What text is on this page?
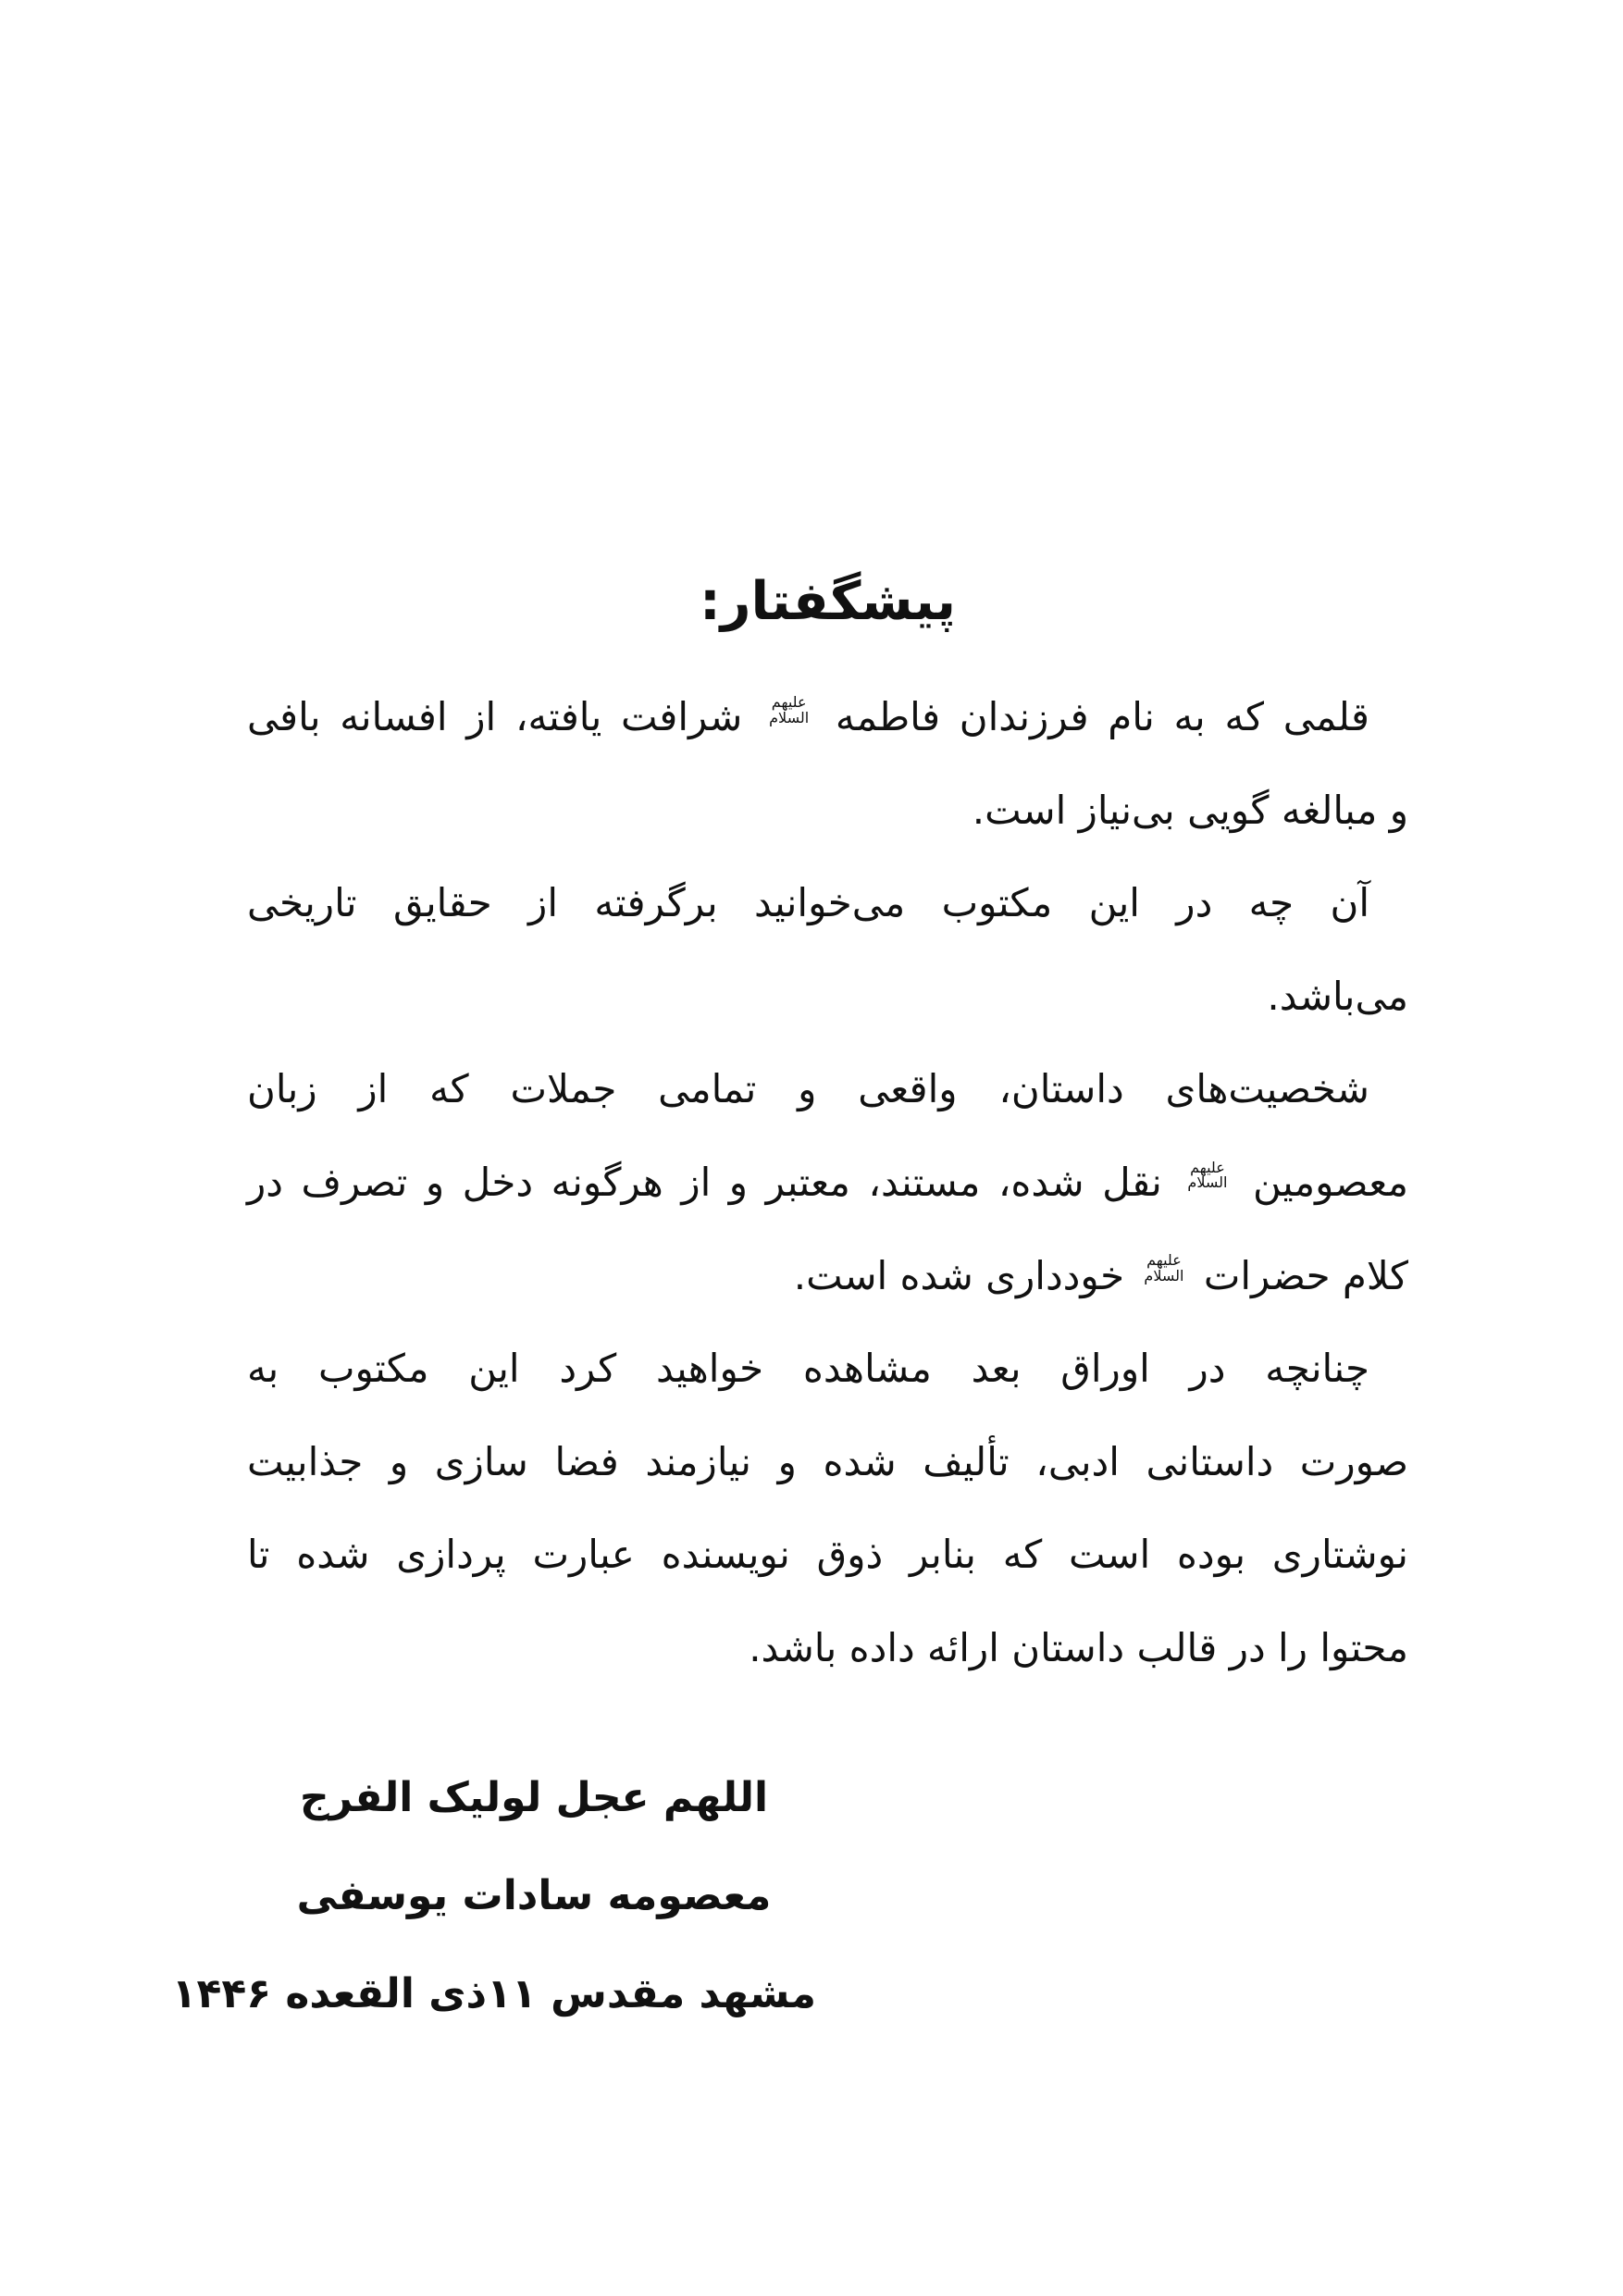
پیشگفتار:
قلمی که به نام فرزندان فاطمه
علیهم
السلام
شرافت یافته، از افسانه بافی
و مبالغه گویی بی‌نیاز است.
آن چه در این مکتوب می‌خوانید برگرفته از حقایق تاریخی
می‌باشد.
شخصیت‌های داستان، واقعی و تمامی جملات که از زبان
معصومین
علیهم
السلام
نقل شده، مستند، معتبر و از هرگونه دخل و تصرف در
کلام حضرات
علیهم
السلام
خودداری شده است.
چنانچه در اوراق بعد مشاهده خواهید کرد این مکتوب به
صورت داستانی ادبی، تألیف شده و نیازمند فضا سازی و جذابیت
نوشتاری بوده است که بنابر ذوق نویسنده عبارت پردازی شده تا
محتوا را در قالب داستان ارائه داده باشد.
اللهم عجل لولیک الفرج
معصومه سادات یوسفی
مشهد مقدس ۱۱ذی القعده ۱۴۴۶
